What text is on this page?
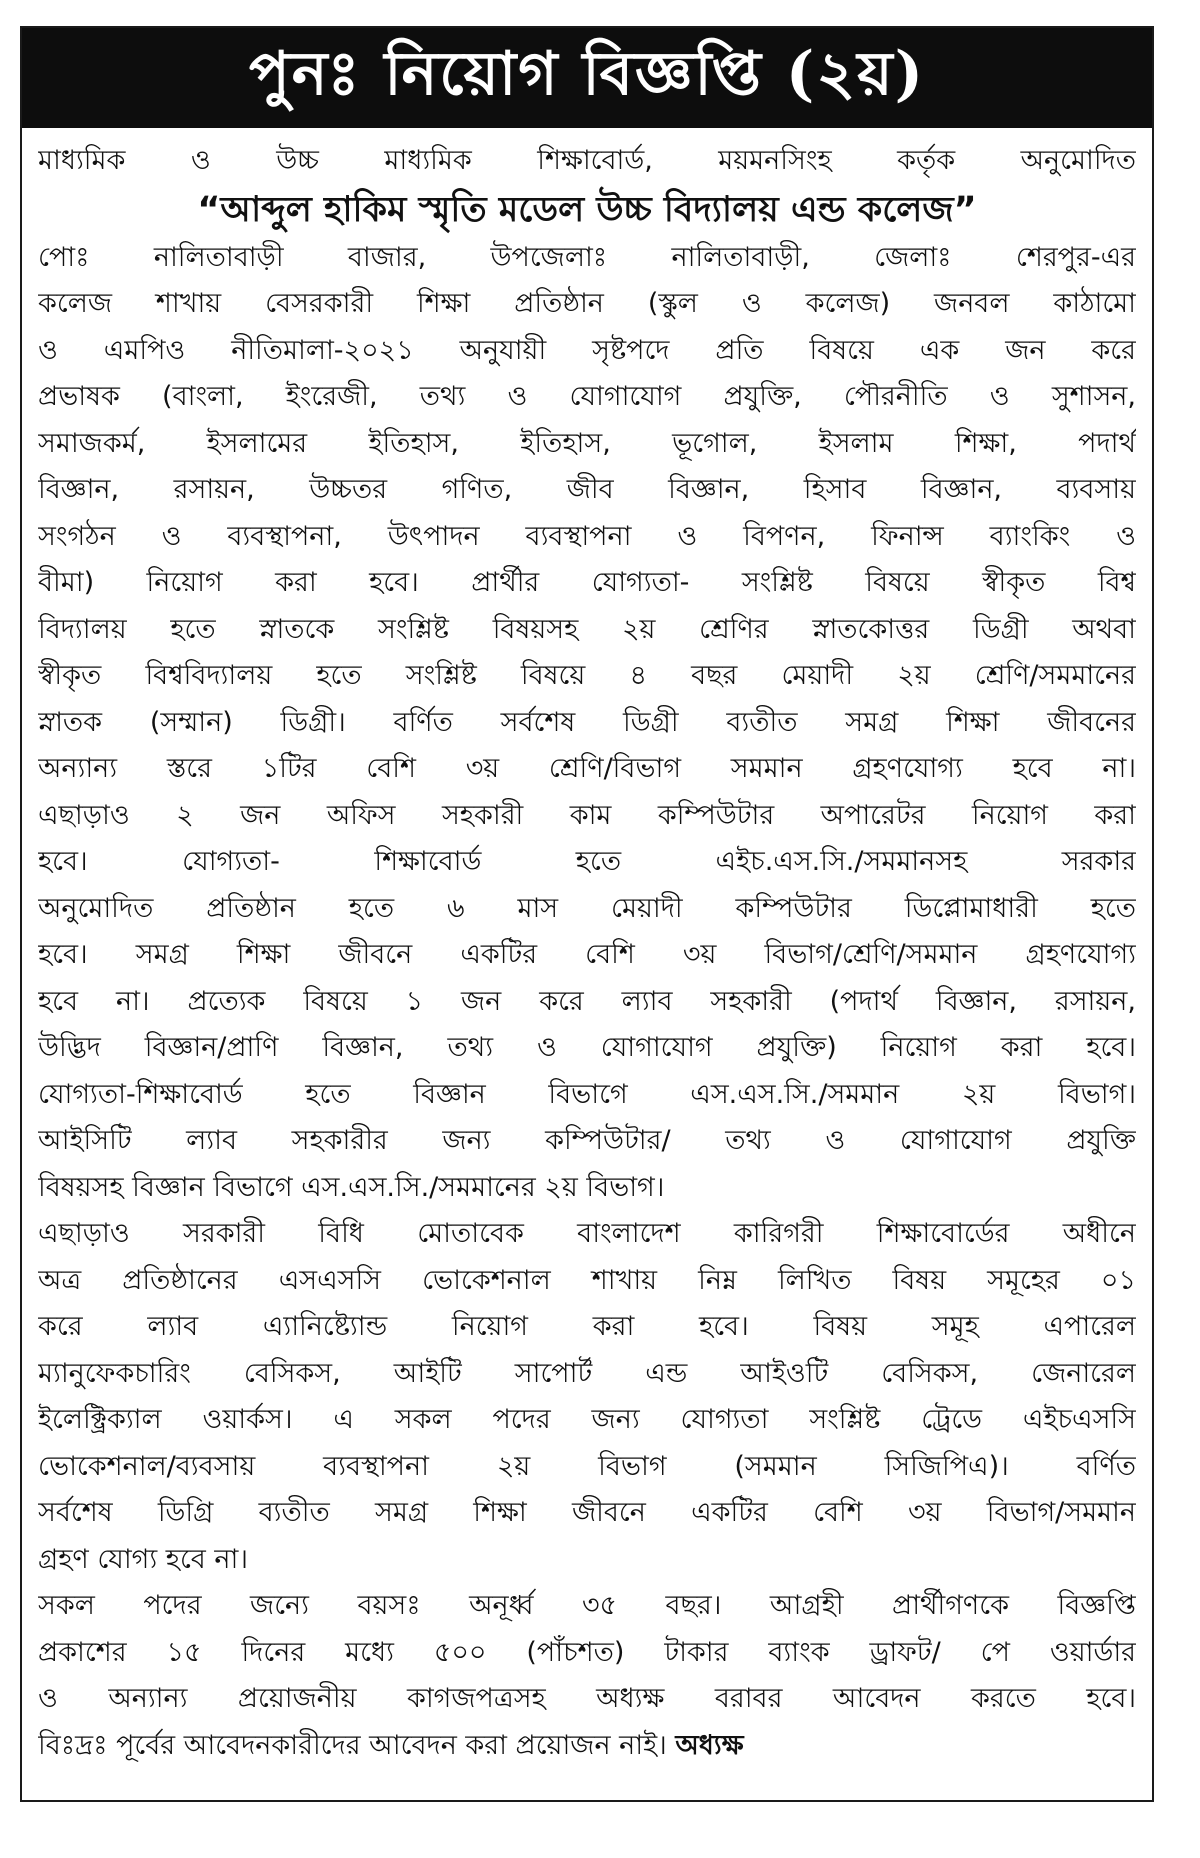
পুনঃ নিয়োগ বিজ্ঞপ্তি (২য়)
মাধ্যমিক ও উচ্চ মাধ্যমিক শিক্ষাবোর্ড, ময়মনসিংহ কর্তৃক অনুমোদিত
“আব্দুল হাকিম স্মৃতি মডেল উচ্চ বিদ্যালয় এন্ড কলেজ”
পোঃ নালিতাবাড়ী বাজার, উপজেলাঃ নালিতাবাড়ী, জেলাঃ শেরপুর-এর
কলেজ শাখায় বেসরকারী শিক্ষা প্রতিষ্ঠান (স্কুল ও কলেজ) জনবল কাঠামো
ও এমপিও নীতিমালা-২০২১ অনুযায়ী সৃষ্টপদে প্রতি বিষয়ে এক জন করে
প্রভাষক (বাংলা, ইংরেজী, তথ্য ও যোগাযোগ প্রযুক্তি, পৌরনীতি ও সুশাসন,
সমাজকর্ম, ইসলামের ইতিহাস, ইতিহাস, ভূগোল, ইসলাম শিক্ষা, পদার্থ
বিজ্ঞান, রসায়ন, উচ্চতর গণিত, জীব বিজ্ঞান, হিসাব বিজ্ঞান, ব্যবসায়
সংগঠন ও ব্যবস্থাপনা, উৎপাদন ব্যবস্থাপনা ও বিপণন, ফিনান্স ব্যাংকিং ও
বীমা) নিয়োগ করা হবে। প্রার্থীর যোগ্যতা- সংশ্লিষ্ট বিষয়ে স্বীকৃত বিশ্ব
বিদ্যালয় হতে স্নাতকে সংশ্লিষ্ট বিষয়সহ ২য় শ্রেণির স্নাতকোত্তর ডিগ্রী অথবা
স্বীকৃত বিশ্ববিদ্যালয় হতে সংশ্লিষ্ট বিষয়ে ৪ বছর মেয়াদী ২য় শ্রেণি/সমমানের
স্নাতক (সম্মান) ডিগ্রী। বর্ণিত সর্বশেষ ডিগ্রী ব্যতীত সমগ্র শিক্ষা জীবনের
অন্যান্য স্তরে ১টির বেশি ৩য় শ্রেণি/বিভাগ সমমান গ্রহণযোগ্য হবে না।
এছাড়াও ২ জন অফিস সহকারী কাম কম্পিউটার অপারেটর নিয়োগ করা
হবে। যোগ্যতা- শিক্ষাবোর্ড হতে এইচ.এস.সি./সমমানসহ সরকার
অনুমোদিত প্রতিষ্ঠান হতে ৬ মাস মেয়াদী কম্পিউটার ডিপ্লোমাধারী হতে
হবে। সমগ্র শিক্ষা জীবনে একটির বেশি ৩য় বিভাগ/শ্রেণি/সমমান গ্রহণযোগ্য
হবে না। প্রত্যেক বিষয়ে ১ জন করে ল্যাব সহকারী (পদার্থ বিজ্ঞান, রসায়ন,
উদ্ভিদ বিজ্ঞান/প্রাণি বিজ্ঞান, তথ্য ও যোগাযোগ প্রযুক্তি) নিয়োগ করা হবে।
যোগ্যতা-শিক্ষাবোর্ড হতে বিজ্ঞান বিভাগে এস.এস.সি./সমমান ২য় বিভাগ।
আইসিটি ল্যাব সহকারীর জন্য কম্পিউটার/ তথ্য ও যোগাযোগ প্রযুক্তি
বিষয়সহ বিজ্ঞান বিভাগে এস.এস.সি./সমমানের ২য় বিভাগ।
এছাড়াও সরকারী বিধি মোতাবেক বাংলাদেশ কারিগরী শিক্ষাবোর্ডের অধীনে
অত্র প্রতিষ্ঠানের এসএসসি ভোকেশনাল শাখায় নিম্ন লিখিত বিষয় সমূহের ০১
করে ল্যাব এ্যানিষ্ট্যোন্ড নিয়োগ করা হবে। বিষয় সমূহ এপারেল
ম্যানুফেকচারিং বেসিকস, আইটি সাপোর্ট এন্ড আইওটি বেসিকস, জেনারেল
ইলেক্ট্রিক্যাল ওয়ার্কস। এ সকল পদের জন্য যোগ্যতা সংশ্লিষ্ট ট্রেডে এইচএসসি
ভোকেশনাল/ব্যবসায় ব্যবস্থাপনা ২য় বিভাগ (সমমান সিজিপিএ)। বর্ণিত
সর্বশেষ ডিগ্রি ব্যতীত সমগ্র শিক্ষা জীবনে একটির বেশি ৩য় বিভাগ/সমমান
গ্রহণ যোগ্য হবে না।
সকল পদের জন্যে বয়সঃ অনূর্ধ্ব ৩৫ বছর। আগ্রহী প্রার্থীগণকে বিজ্ঞপ্তি
প্রকাশের ১৫ দিনের মধ্যে ৫০০ (পাঁচশত) টাকার ব্যাংক ড্রাফট/ পে ওয়ার্ডার
ও অন্যান্য প্রয়োজনীয় কাগজপত্রসহ অধ্যক্ষ বরাবর আবেদন করতে হবে।
বিঃদ্রঃ পূর্বের আবেদনকারীদের আবেদন করা প্রয়োজন নাই। অধ্যক্ষ
